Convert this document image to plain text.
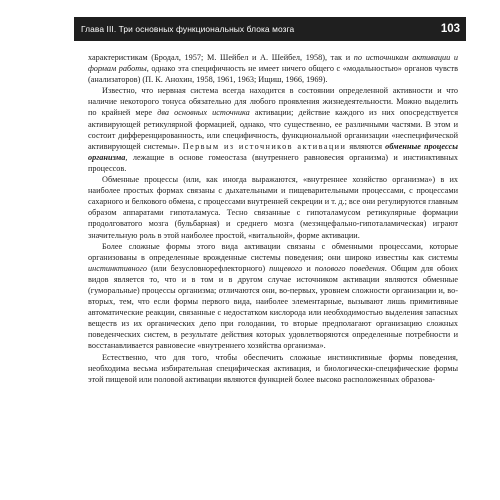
Глава III. Три основных функциональных блока мозга	103

характеристикам (Бродал, 1957; М. Шейбел и А. Шейбел, 1958), так и по источникам активации и формам работы, однако эта специфичность не имеет ничего общего с «модальностью» органов чувств (анализаторов) (П. К. Анохин, 1958, 1961, 1963; Ищиш, 1966, 1969).

Известно, что нервная система всегда находится в состоянии определенной активности и что наличие некоторого тонуса обязательно для любого проявления жизнедеятельности. Можно выделить по крайней мере два основных источника активации; действие каждого из них опосредствуется активирующей ретикулярной формацией, однако, что существенно, ее различными частями. В этом и состоит дифференцированность, или специфичность, функциональной организации «неспецифической активирующей системы». Первым из источников активации являются обменные процессы организма, лежащие в основе гомеостаза (внутреннего равновесия организма) и инстинктивных процессов.

Обменные процессы (или, как иногда выражаются, «внутреннее хозяйство организма») в их наиболее простых формах связаны с дыхательными и пищеварительными процессами, с процессами сахарного и белкового обмена, с процессами внутренней секреции и т. д.; все они регулируются главным образом аппаратами гипоталамуса. Тесно связанные с гипоталамусом ретикулярные формации продолговатого мозга (бульбарная) и среднего мозга (мезэнцефально-гипоталамическая) играют значительную роль в этой наиболее простой, «витальной», форме активации.

Более сложные формы этого вида активации связаны с обменными процессами, которые организованы в определенные врожденные системы поведения; они широко известны как системы инстинктивного (или безусловнорефлекторного) пищевого и полового поведения. Общим для обоих видов является то, что и в том и в другом случае источником активации являются обменные (гуморальные) процессы организма; отличаются они, во-первых, уровнем сложности организации и, во-вторых, тем, что если формы первого вида, наиболее элементарные, вызывают лишь примитивные автоматические реакции, связанные с недостатком кислорода или необходимостью выделения запасных веществ из их органических депо при голодании, то вторые предполагают организацию сложных поведенческих систем, в результате действия которых удовлетворяются определенные потребности и восстанавливается равновесие «внутреннего хозяйства организма».

Естественно, что для того, чтобы обеспечить сложные инстинктивные формы поведения, необходима весьма избирательная специфическая активация, и биологически-специфические формы этой пищевой или половой активации являются функцией более высоко расположенных образова-
